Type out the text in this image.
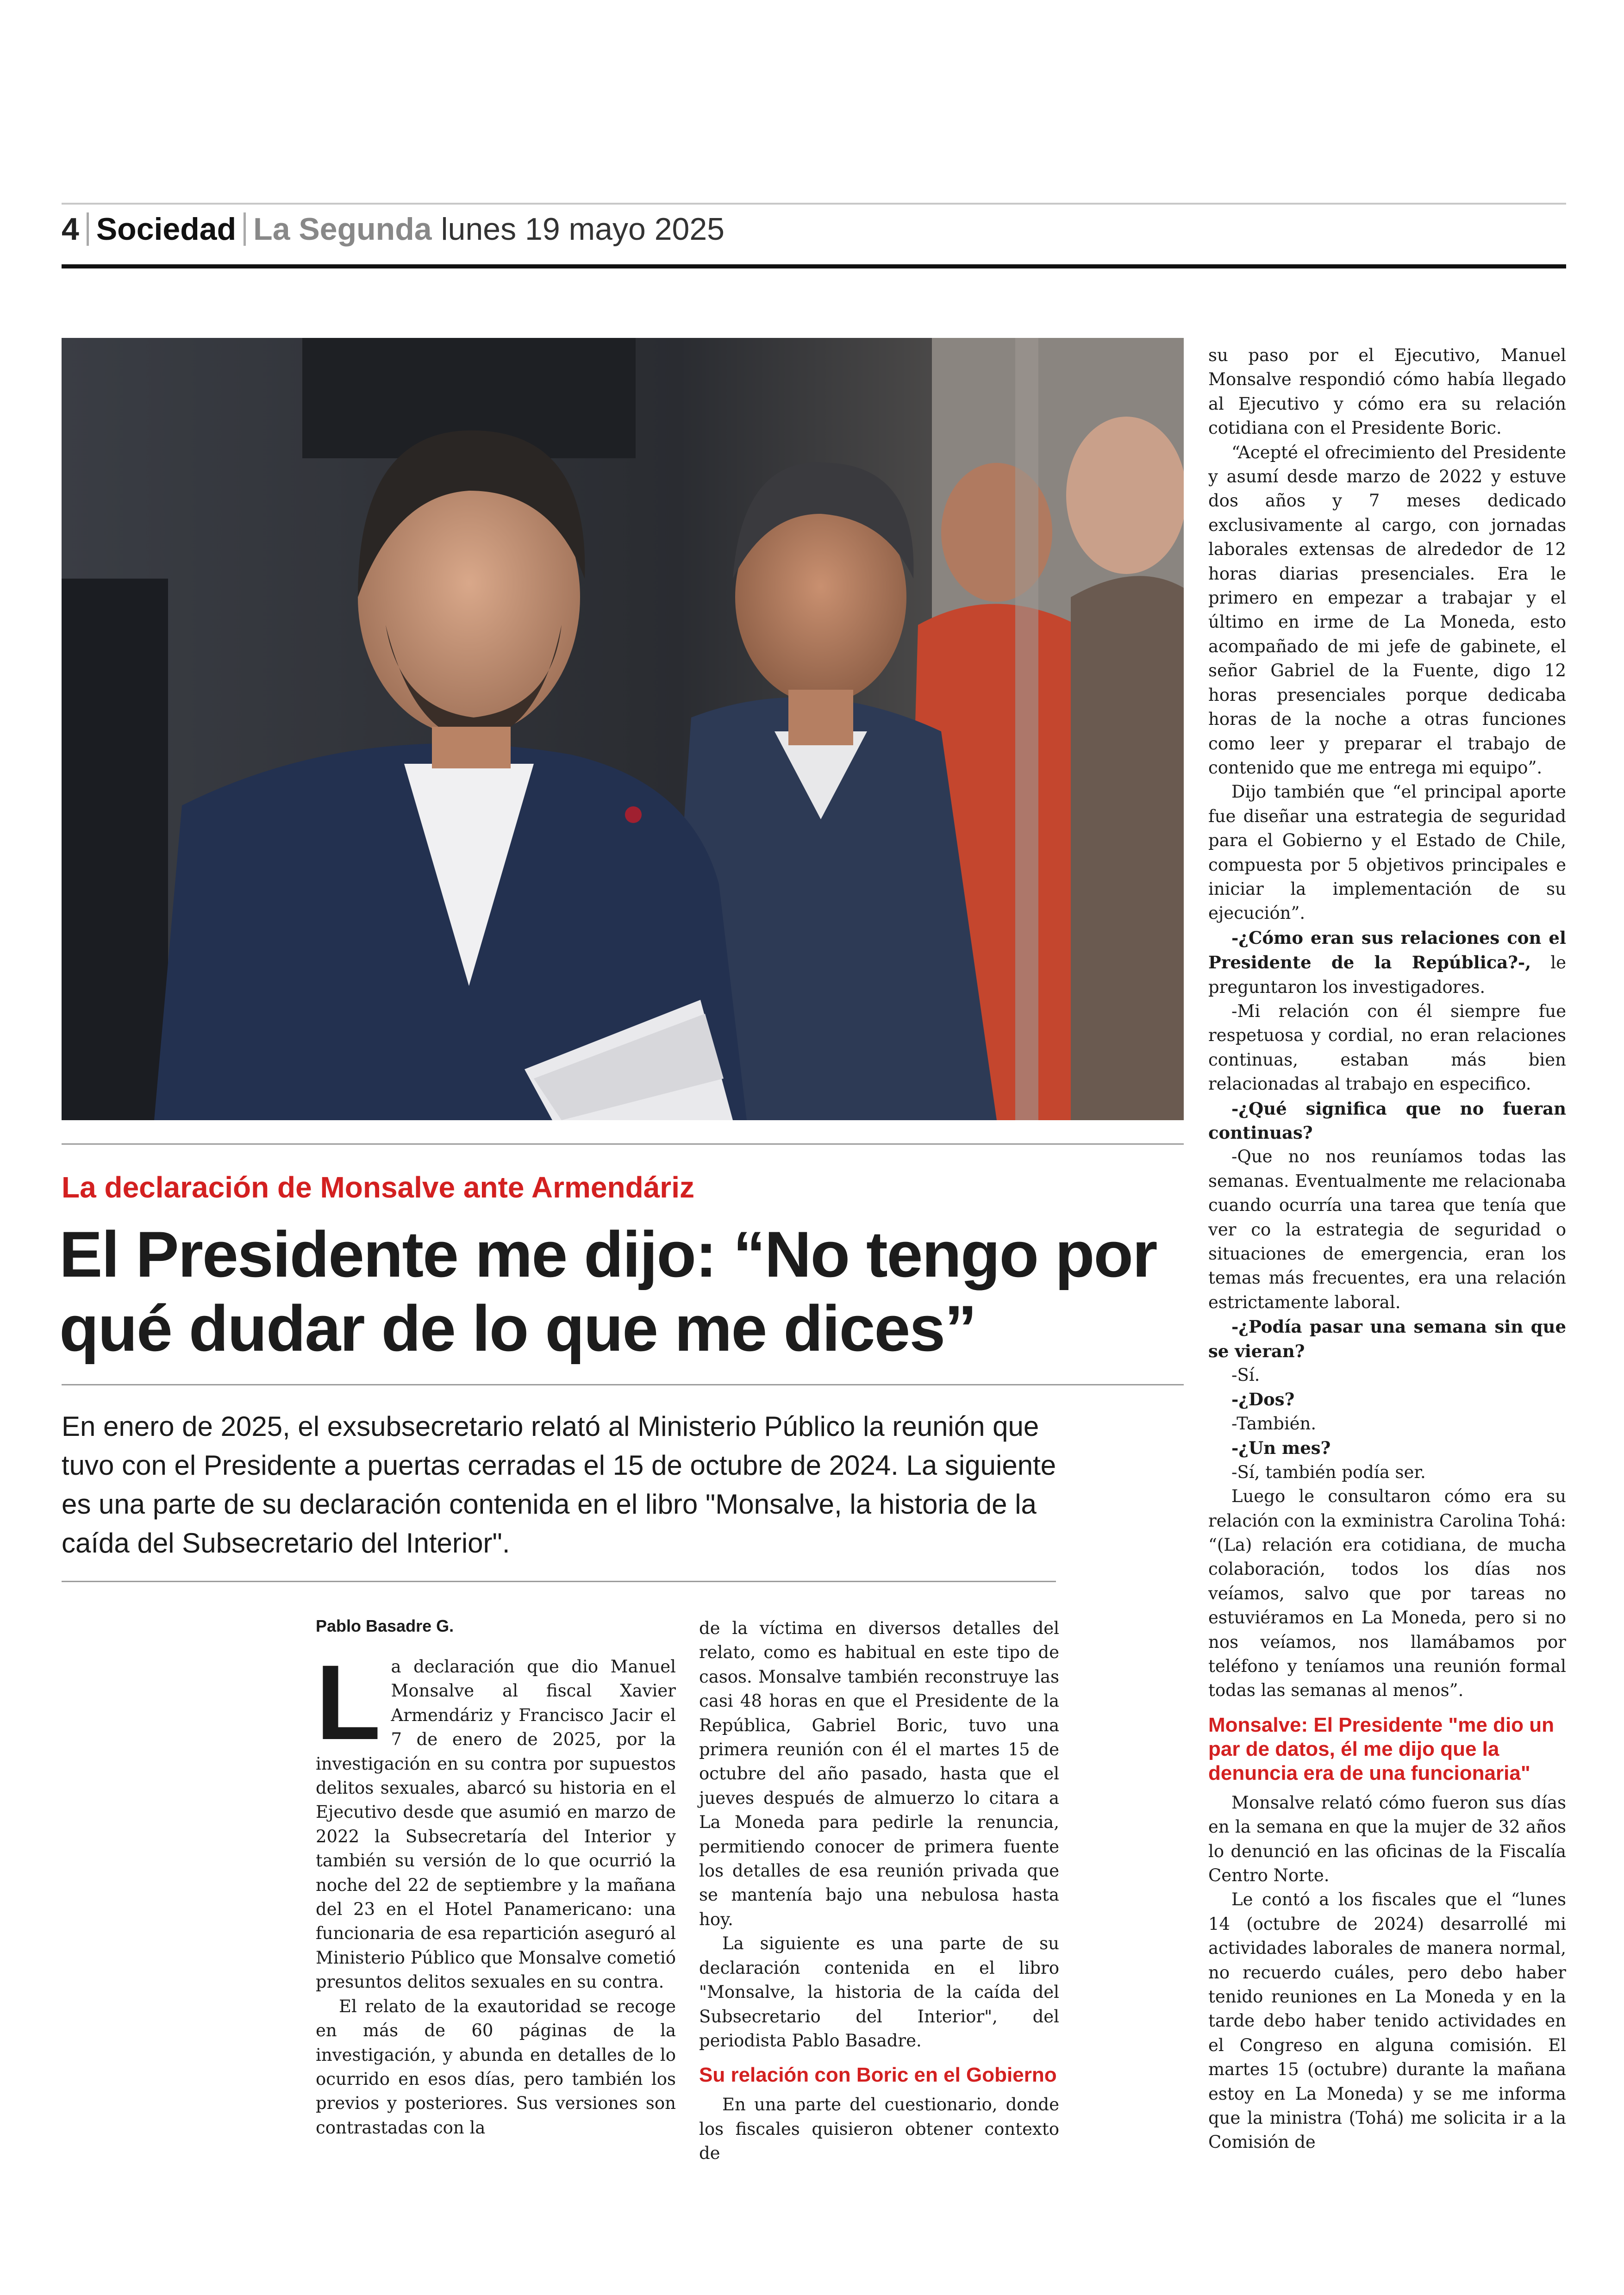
4 Sociedad La Segunda lunes 19 mayo 2025
La declaración de Monsalve ante Armendáriz
El Presidente me dijo: “No tengo por qué dudar de lo que me dices”
En enero de 2025, el exsubsecretario relató al Ministerio Público la reunión que tuvo con el Presidente a puertas cerradas el 15 de octubre de 2024. La siguiente es una parte de su declaración contenida en el libro "Monsalve, la historia de la caída del Subsecretario del Interior".
Pablo Basadre G.

La declaración que dio Manuel Monsalve al fiscal Xavier Armendáriz y Francisco Jacir el 7 de enero de 2025, por la investigación en su contra por supuestos delitos sexuales, abarcó su historia en el Ejecutivo desde que asumió en marzo de 2022 la Subsecretaría del Interior y también su versión de lo que ocurrió la noche del 22 de septiembre y la mañana del 23 en el Hotel Panamericano: una funcionaria de esa repartición aseguró al Ministerio Público que Monsalve cometió presuntos delitos sexuales en su contra.

El relato de la exautoridad se recoge en más de 60 páginas de la investigación, y abunda en detalles de lo ocurrido en esos días, pero también los previos y posteriores. Sus versiones son contrastadas con la

de la víctima en diversos detalles del relato, como es habitual en este tipo de casos. Monsalve también reconstruye las casi 48 horas en que el Presidente de la República, Gabriel Boric, tuvo una primera reunión con él el martes 15 de octubre del año pasado, hasta que el jueves después de almuerzo lo citara a La Moneda para pedirle la renuncia, permitiendo conocer de primera fuente los detalles de esa reunión privada que se mantenía bajo una nebulosa hasta hoy.

La siguiente es una parte de su declaración contenida en el libro "Monsalve, la historia de la caída del Subsecretario del Interior", del periodista Pablo Basadre.

Su relación con Boric en el Gobierno

En una parte del cuestionario, donde los fiscales quisieron obtener contexto de

su paso por el Ejecutivo, Manuel Monsalve respondió cómo había llegado al Ejecutivo y cómo era su relación cotidiana con el Presidente Boric.

“Acepté el ofrecimiento del Presidente y asumí desde marzo de 2022 y estuve dos años y 7 meses dedicado exclusivamente al cargo, con jornadas laborales extensas de alrededor de 12 horas diarias presenciales. Era le primero en empezar a trabajar y el último en irme de La Moneda, esto acompañado de mi jefe de gabinete, el señor Gabriel de la Fuente, digo 12 horas presenciales porque dedicaba horas de la noche a otras funciones como leer y preparar el trabajo de contenido que me entrega mi equipo”.

Dijo también que “el principal aporte fue diseñar una estrategia de seguridad para el Gobierno y el Estado de Chile, compuesta por 5 objetivos principales e iniciar la implementación de su ejecución”.

-¿Cómo eran sus relaciones con el Presidente de la República?-, le preguntaron los investigadores.

-Mi relación con él siempre fue respetuosa y cordial, no eran relaciones continuas, estaban más bien relacionadas al trabajo en especifico.

-¿Qué significa que no fueran continuas?

-Que no nos reuníamos todas las semanas. Eventualmente me relacionaba cuando ocurría una tarea que tenía que ver co la estrategia de seguridad o situaciones de emergencia, eran los temas más frecuentes, era una relación estrictamente laboral.

-¿Podía pasar una semana sin que se vieran?

-Sí.

-¿Dos?

-También.

-¿Un mes?

-Sí, también podía ser.

Luego le consultaron cómo era su relación con la exministra Carolina Tohá: “(La) relación era cotidiana, de mucha colaboración, todos los días nos veíamos, salvo que por tareas no estuviéramos en La Moneda, pero si no nos veíamos, nos llamábamos por teléfono y teníamos una reunión formal todas las semanas al menos”.

Monsalve: El Presidente "me dio un par de datos, él me dijo que la denuncia era de una funcionaria"

Monsalve relató cómo fueron sus días en la semana en que la mujer de 32 años lo denunció en las oficinas de la Fiscalía Centro Norte.

Le contó a los fiscales que el “lunes 14 (octubre de 2024) desarrollé mi actividades laborales de manera normal, no recuerdo cuáles, pero debo haber tenido reuniones en La Moneda y en la tarde debo haber tenido actividades en el Congreso en alguna comisión. El martes 15 (octubre) durante la mañana estoy en La Moneda) y se me informa que la ministra (Tohá) me solicita ir a la Comisión de
